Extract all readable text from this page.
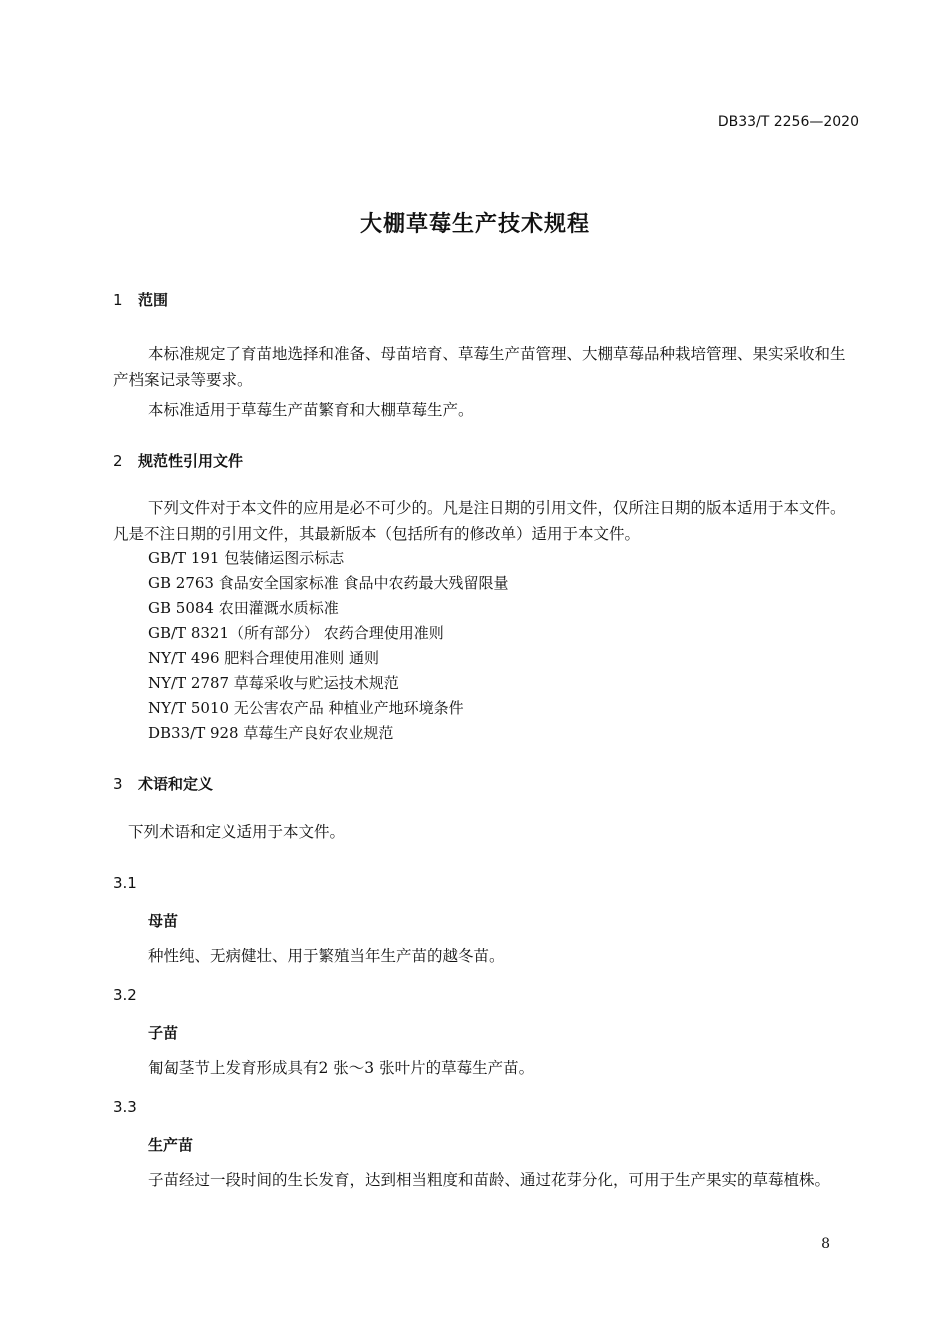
DB33/T 2256—2020
大棚草莓生产技术规程
1 范围
本标准规定了育苗地选择和准备、母苗培育、草莓生产苗管理、大棚草莓品种栽培管理、果实采收和生产档案记录等要求。
本标准适用于草莓生产苗繁育和大棚草莓生产。
2 规范性引用文件
下列文件对于本文件的应用是必不可少的。凡是注日期的引用文件，仅所注日期的版本适用于本文件。凡是不注日期的引用文件，其最新版本（包括所有的修改单）适用于本文件。
GB/T 191 包装储运图示标志
GB 2763 食品安全国家标准 食品中农药最大残留限量
GB 5084 农田灌溉水质标准
GB/T 8321（所有部分） 农药合理使用准则
NY/T 496 肥料合理使用准则 通则
NY/T 2787 草莓采收与贮运技术规范
NY/T 5010 无公害农产品 种植业产地环境条件
DB33/T 928 草莓生产良好农业规范
3 术语和定义
下列术语和定义适用于本文件。
3.1
母苗
种性纯、无病健壮、用于繁殖当年生产苗的越冬苗。
3.2
子苗
匍匐茎节上发育形成具有2 张～3 张叶片的草莓生产苗。
3.3
生产苗
子苗经过一段时间的生长发育，达到相当粗度和苗龄、通过花芽分化，可用于生产果实的草莓植株。
8
